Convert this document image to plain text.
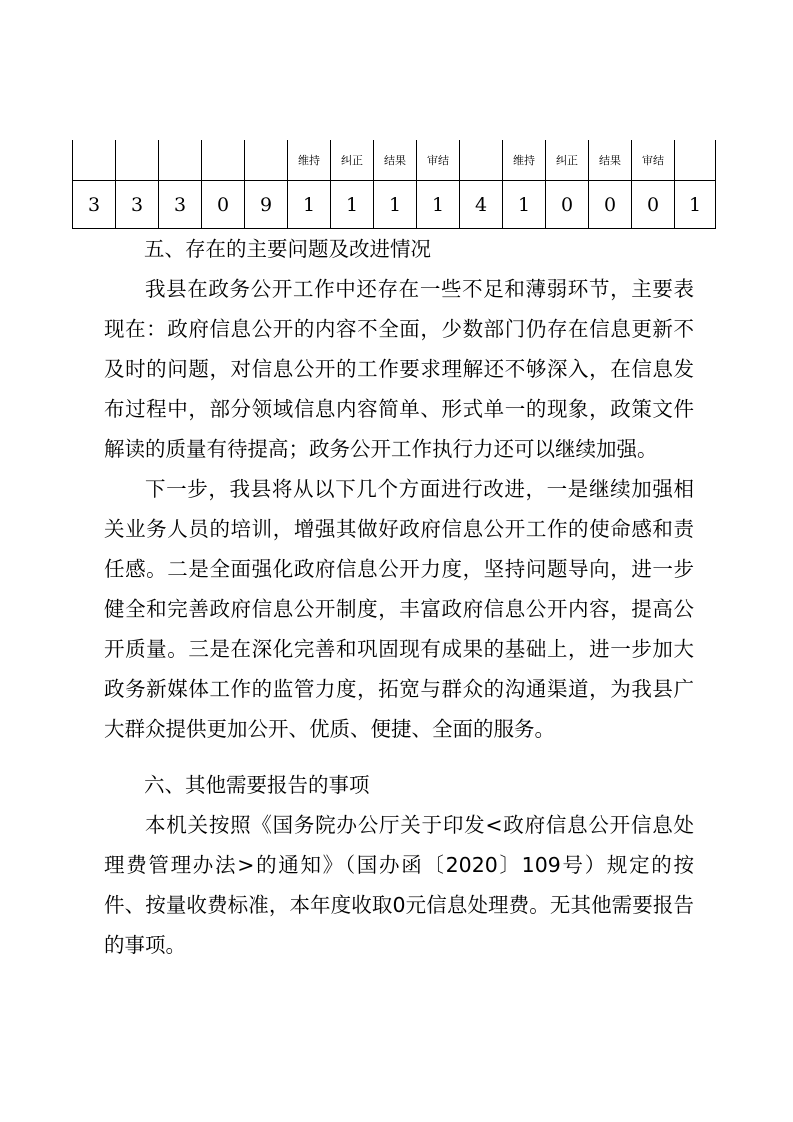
					维持	纠正	结果	审结		维持	纠正	结果	审结	
3	3	3	0	9	1	1	1	1	4	1	0	0	0	1
五、存在的主要问题及改进情况

我县在政务公开工作中还存在一些不足和薄弱环节，主要表现在：政府信息公开的内容不全面，少数部门仍存在信息更新不及时的问题，对信息公开的工作要求理解还不够深入，在信息发布过程中，部分领域信息内容简单、形式单一的现象，政策文件解读的质量有待提高；政务公开工作执行力还可以继续加强。

下一步，我县将从以下几个方面进行改进，一是继续加强相关业务人员的培训，增强其做好政府信息公开工作的使命感和责任感。二是全面强化政府信息公开力度，坚持问题导向，进一步健全和完善政府信息公开制度，丰富政府信息公开内容，提高公开质量。三是在深化完善和巩固现有成果的基础上，进一步加大政务新媒体工作的监管力度，拓宽与群众的沟通渠道，为我县广大群众提供更加公开、优质、便捷、全面的服务。

六、其他需要报告的事项

本机关按照《国务院办公厅关于印发<政府信息公开信息处理费管理办法>的通知》（国办函〔2020〕109号）规定的按件、按量收费标准，本年度收取0元信息处理费。无其他需要报告的事项。
